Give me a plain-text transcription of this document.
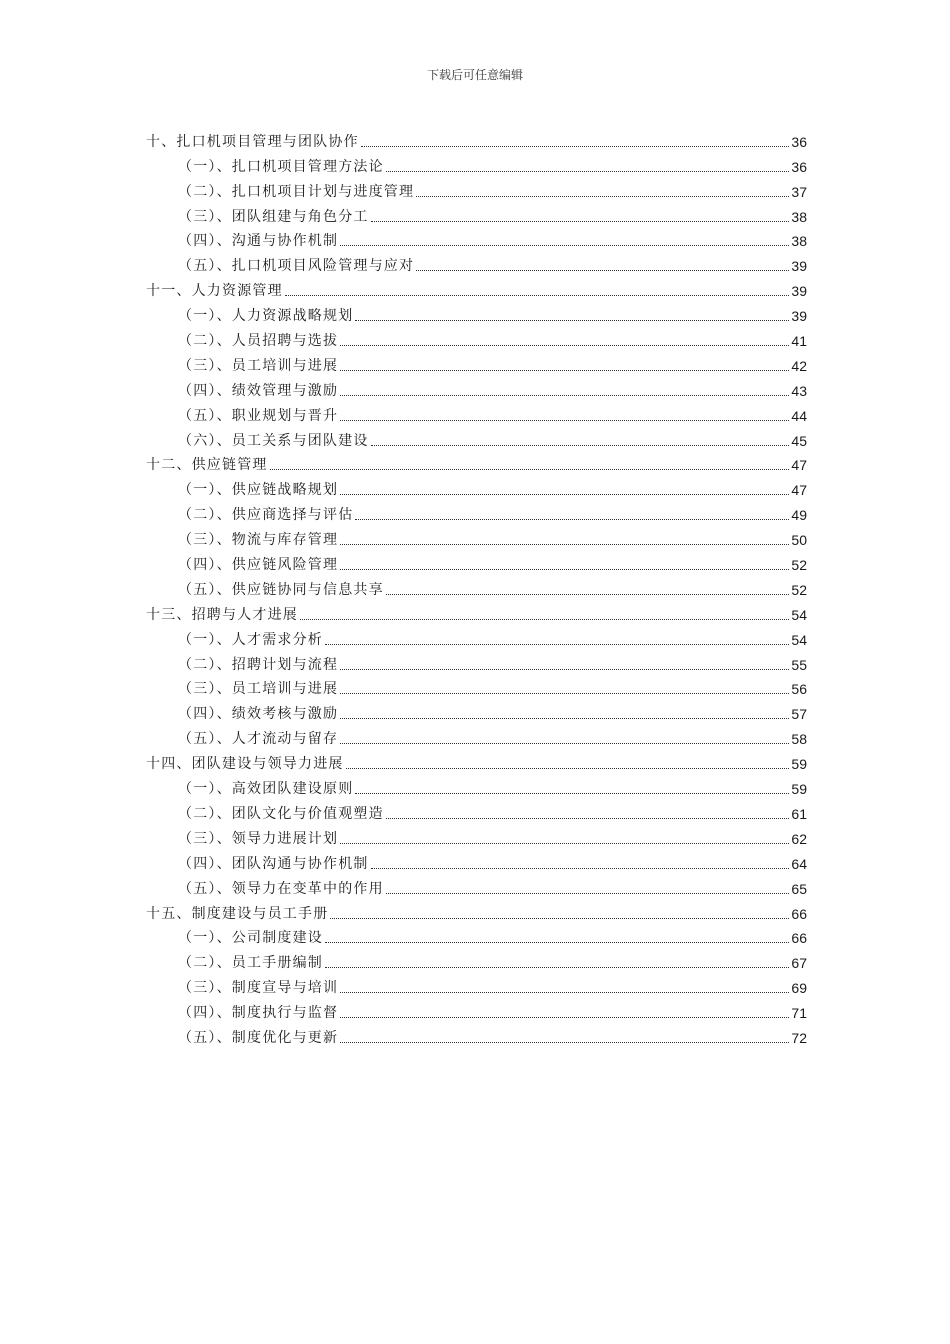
下载后可任意编辑
十、扎口机项目管理与团队协作	36
（一）、扎口机项目管理方法论	36
（二）、扎口机项目计划与进度管理	37
（三）、团队组建与角色分工	38
（四）、沟通与协作机制	38
（五）、扎口机项目风险管理与应对	39
十一、人力资源管理	39
（一）、人力资源战略规划	39
（二）、人员招聘与选拔	41
（三）、员工培训与进展	42
（四）、绩效管理与激励	43
（五）、职业规划与晋升	44
（六）、员工关系与团队建设	45
十二、供应链管理	47
（一）、供应链战略规划	47
（二）、供应商选择与评估	49
（三）、物流与库存管理	50
（四）、供应链风险管理	52
（五）、供应链协同与信息共享	52
十三、招聘与人才进展	54
（一）、人才需求分析	54
（二）、招聘计划与流程	55
（三）、员工培训与进展	56
（四）、绩效考核与激励	57
（五）、人才流动与留存	58
十四、团队建设与领导力进展	59
（一）、高效团队建设原则	59
（二）、团队文化与价值观塑造	61
（三）、领导力进展计划	62
（四）、团队沟通与协作机制	64
（五）、领导力在变革中的作用	65
十五、制度建设与员工手册	66
（一）、公司制度建设	66
（二）、员工手册编制	67
（三）、制度宣导与培训	69
（四）、制度执行与监督	71
（五）、制度优化与更新	72
